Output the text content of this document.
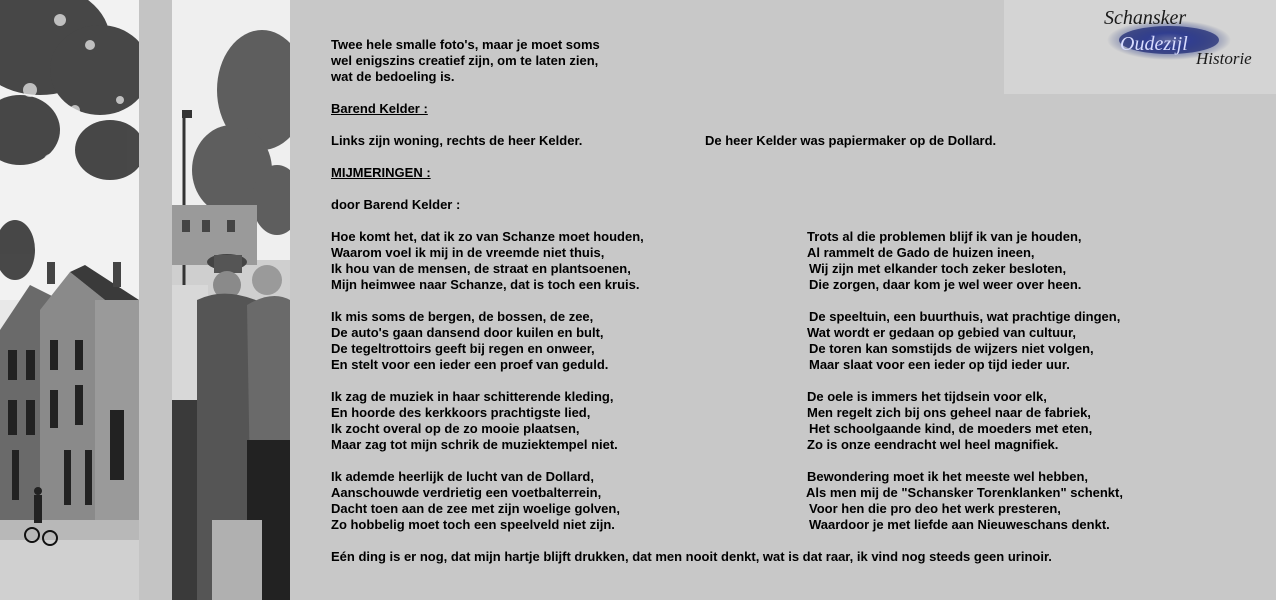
Schansker
Oudezijl
Historie
Twee hele smalle foto's, maar je moet soms
wel enigszins creatief zijn, om te laten zien,
wat de bedoeling is.
Barend Kelder :
Links zijn woning, rechts de heer Kelder.	De heer Kelder was papiermaker op de Dollard.
MIJMERINGEN :
door Barend Kelder :
Hoe komt het, dat ik zo van Schanze moet houden,
Waarom voel ik mij in de vreemde niet thuis,
Ik hou van de mensen, de straat en plantsoenen,
Mijn heimwee naar Schanze, dat is toch een kruis.
Trots al die problemen blijf ik van je houden,
Al rammelt de Gado de huizen ineen,
Wij zijn met elkander toch zeker besloten,
Die zorgen, daar kom je wel weer over heen.
Ik mis soms de bergen, de bossen, de zee,
De auto's gaan dansend door kuilen en bult,
De tegeltrottoirs geeft bij regen en onweer,
En stelt voor een ieder een proef van geduld.
De speeltuin, een buurthuis, wat prachtige dingen,
Wat wordt er gedaan op gebied van cultuur,
De toren kan somstijds de wijzers niet volgen,
Maar slaat voor een ieder op tijd ieder uur.
Ik zag de muziek in haar schitterende kleding,
En hoorde des kerkkoors prachtigste lied,
Ik zocht overal op de zo mooie plaatsen,
Maar zag tot mijn schrik de muziektempel niet.
De oele is immers het tijdsein voor elk,
Men regelt zich bij ons geheel naar de fabriek,
Het schoolgaande kind, de moeders met eten,
Zo is onze eendracht wel heel magnifiek.
Ik ademde heerlijk de lucht van de Dollard,
Aanschouwde verdrietig een voetbalterrein,
Dacht toen aan de zee met zijn woelige golven,
Zo hobbelig moet toch een speelveld niet zijn.
Bewondering moet ik het meeste wel hebben,
Als men mij de "Schansker Torenklanken" schenkt,
Voor hen die pro deo het werk presteren,
Waardoor je met liefde aan Nieuweschans denkt.
Eén ding is er nog, dat mijn hartje blijft drukken, dat men nooit denkt, wat is dat raar, ik vind nog steeds geen urinoir.
